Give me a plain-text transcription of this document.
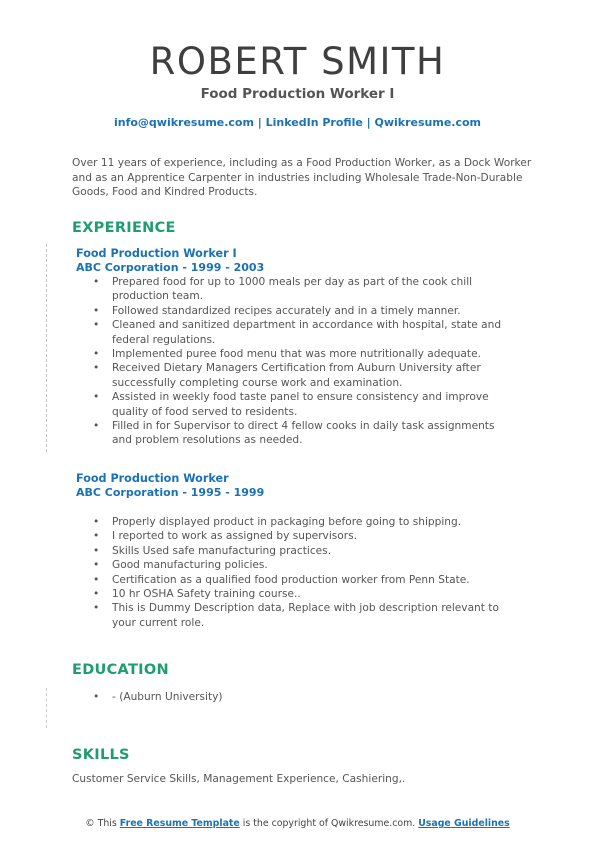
ROBERT SMITH
Food Production Worker I
info@qwikresume.com | LinkedIn Profile | Qwikresume.com
Over 11 years of experience, including as a Food Production Worker, as a Dock Worker and as an Apprentice Carpenter in industries including Wholesale Trade-Non-Durable Goods, Food and Kindred Products.
EXPERIENCE
Food Production Worker I
ABC Corporation - 1999 - 2003
• Prepared food for up to 1000 meals per day as part of the cook chill production team.
• Followed standardized recipes accurately and in a timely manner.
• Cleaned and sanitized department in accordance with hospital, state and federal regulations.
• Implemented puree food menu that was more nutritionally adequate.
• Received Dietary Managers Certification from Auburn University after successfully completing course work and examination.
• Assisted in weekly food taste panel to ensure consistency and improve quality of food served to residents.
• Filled in for Supervisor to direct 4 fellow cooks in daily task assignments and problem resolutions as needed.
Food Production Worker
ABC Corporation - 1995 - 1999
• Properly displayed product in packaging before going to shipping.
• I reported to work as assigned by supervisors.
• Skills Used safe manufacturing practices.
• Good manufacturing policies.
• Certification as a qualified food production worker from Penn State.
• 10 hr OSHA Safety training course..
• This is Dummy Description data, Replace with job description relevant to your current role.
EDUCATION
• - (Auburn University)
SKILLS
Customer Service Skills, Management Experience, Cashiering,.
© This Free Resume Template is the copyright of Qwikresume.com. Usage Guidelines
